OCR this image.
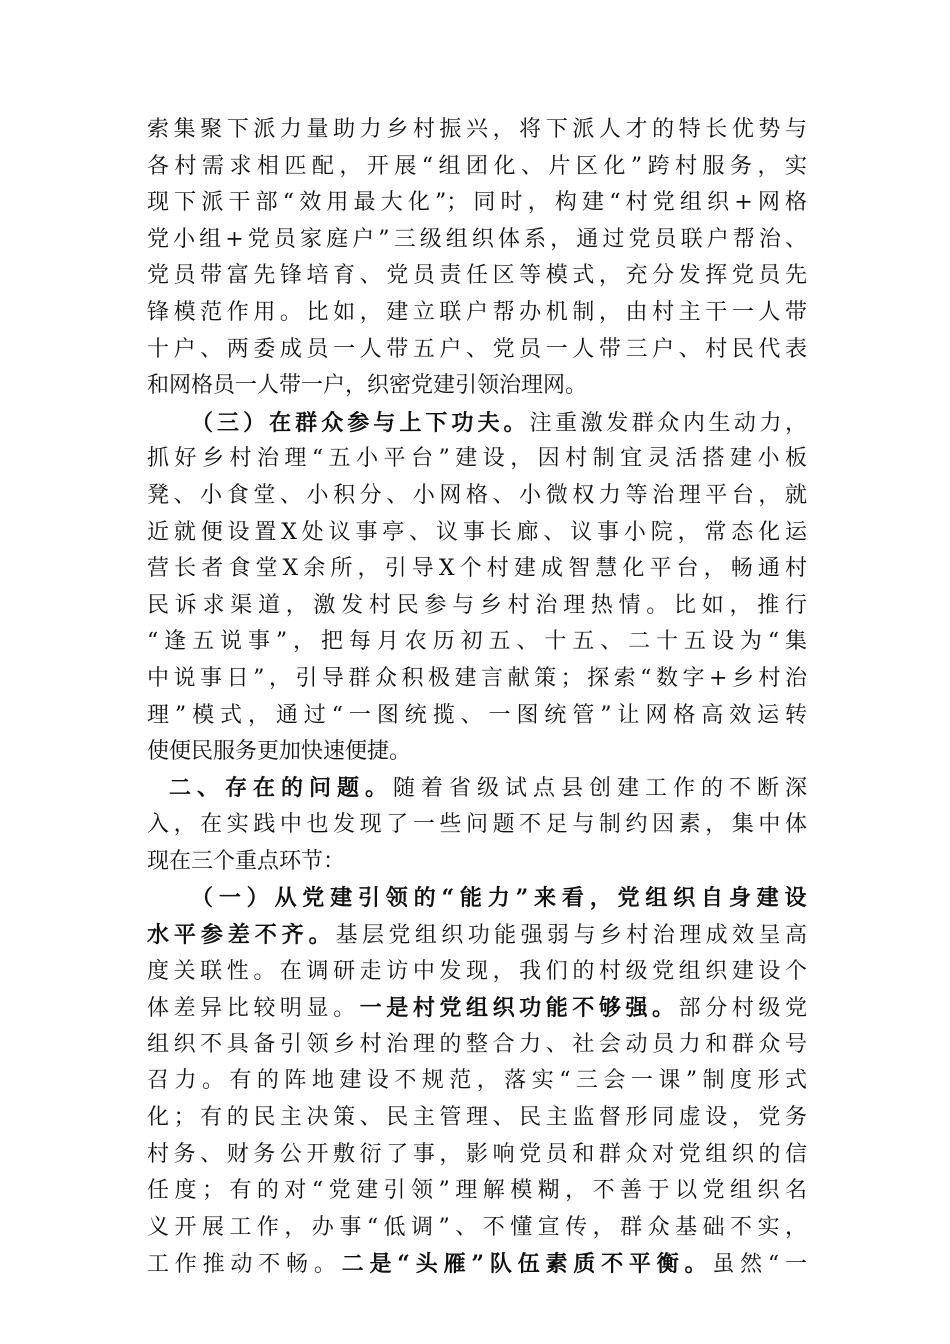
索集聚下派力量助力乡村振兴，将下派人才的特长优势与
各村需求相匹配，开展“组团化、片区化”跨村服务，实
现下派干部“效用最大化”；同时，构建“村党组织+网格
党小组+党员家庭户”三级组织体系，通过党员联户帮治、
党员带富先锋培育、党员责任区等模式，充分发挥党员先
锋模范作用。比如，建立联户帮办机制，由村主干一人带
十户、两委成员一人带五户、党员一人带三户、村民代表
和网格员一人带一户，织密党建引领治理网。
（三）在群众参与上下功夫。注重激发群众内生动力，
抓好乡村治理“五小平台”建设，因村制宜灵活搭建小板
凳、小食堂、小积分、小网格、小微权力等治理平台，就
近就便设置X处议事亭、议事长廊、议事小院，常态化运
营长者食堂X余所，引导X个村建成智慧化平台，畅通村
民诉求渠道，激发村民参与乡村治理热情。比如，推行
“逢五说事”，把每月农历初五、十五、二十五设为“集
中说事日”，引导群众积极建言献策；探索“数字+乡村治
理”模式，通过“一图统揽、一图统管”让网格高效运转
使便民服务更加快速便捷。
二、存在的问题。随着省级试点县创建工作的不断深
入，在实践中也发现了一些问题不足与制约因素，集中体
现在三个重点环节：
（一）从党建引领的“能力”来看，党组织自身建设
水平参差不齐。基层党组织功能强弱与乡村治理成效呈高
度关联性。在调研走访中发现，我们的村级党组织建设个
体差异比较明显。一是村党组织功能不够强。部分村级党
组织不具备引领乡村治理的整合力、社会动员力和群众号
召力。有的阵地建设不规范，落实“三会一课”制度形式
化；有的民主决策、民主管理、民主监督形同虚设，党务
村务、财务公开敷衍了事，影响党员和群众对党组织的信
任度；有的对“党建引领”理解模糊，不善于以党组织名
义开展工作，办事“低调”、不懂宣传，群众基础不实，
工作推动不畅。二是“头雁”队伍素质不平衡。虽然“一
